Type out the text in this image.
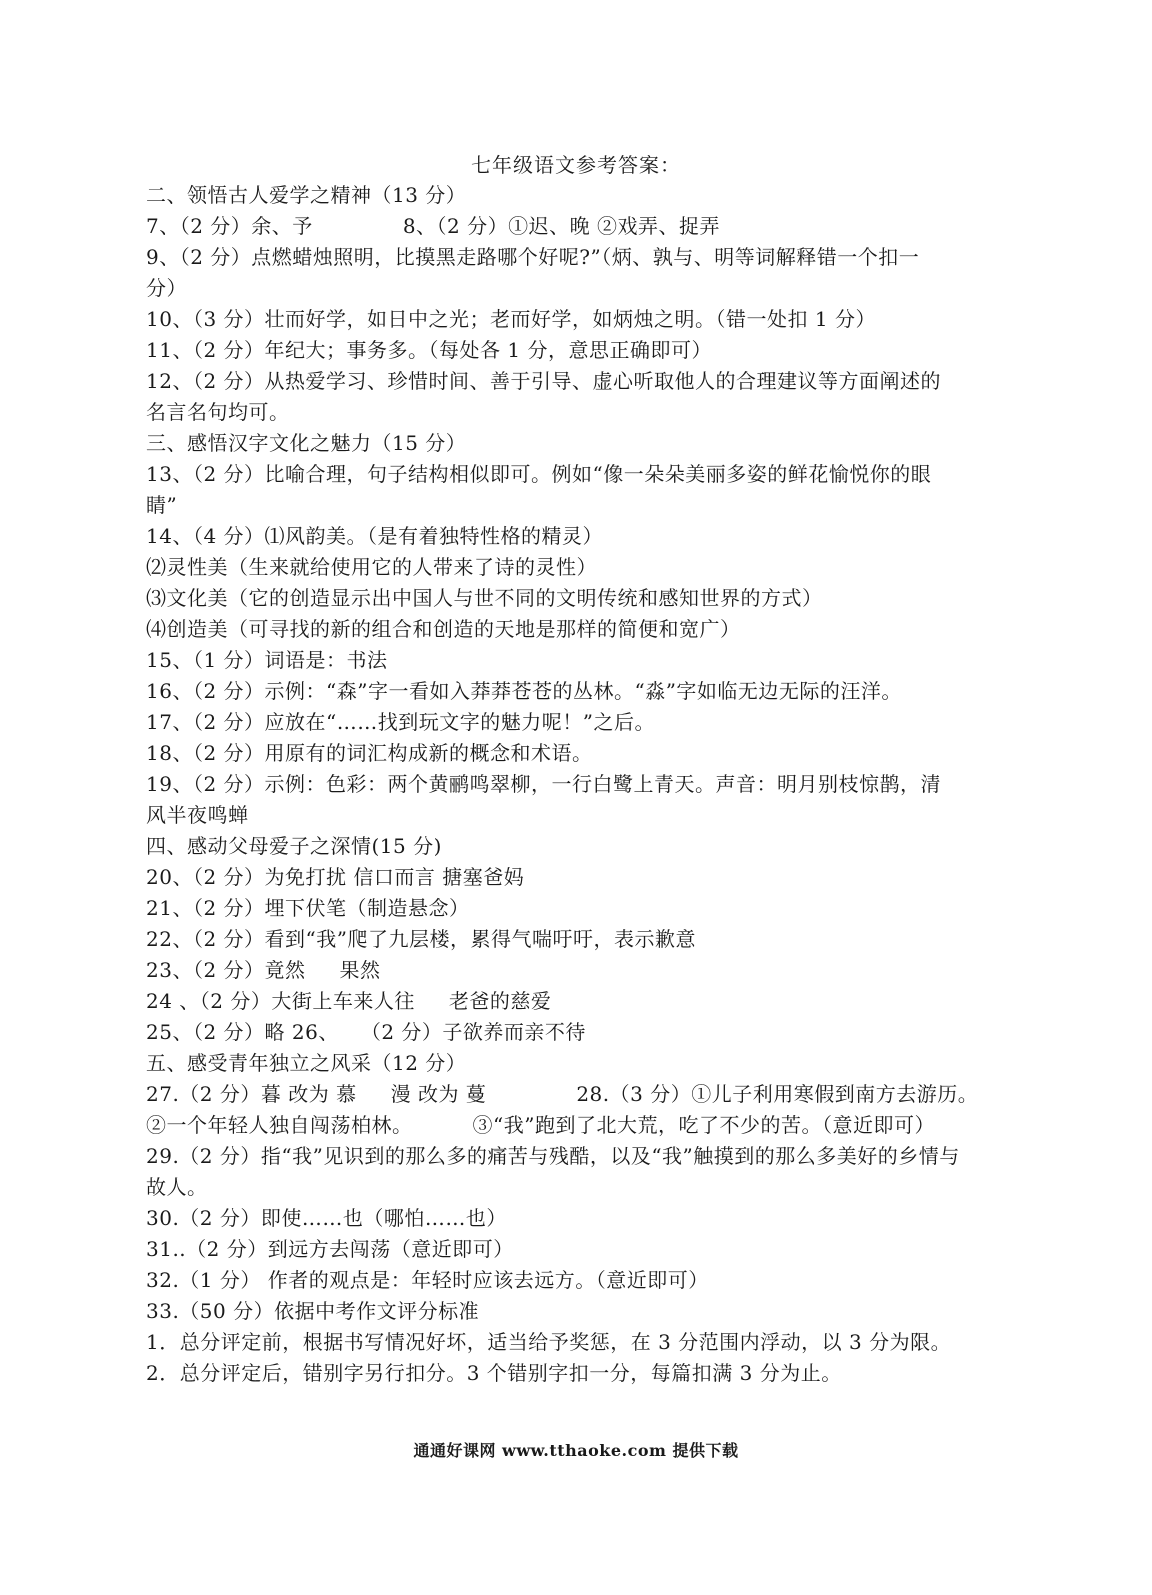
七年级语文参考答案：
二、领悟古人爱学之精神（13 分）
7、（2 分）余、予	8、（2 分）①迟、晚 ②戏弄、捉弄
9、（2 分）点燃蜡烛照明，比摸黑走路哪个好呢?”（炳、孰与、明等词解释错一个扣一
分）
10、（3 分）壮而好学，如日中之光；老而好学，如炳烛之明。（错一处扣 1 分）
11、（2 分）年纪大；事务多。（每处各 1 分，意思正确即可）
12、（2 分）从热爱学习、珍惜时间、善于引导、虚心听取他人的合理建议等方面阐述的
名言名句均可。
三、感悟汉字文化之魅力（15 分）
13、（2 分）比喻合理，句子结构相似即可。例如“像一朵朵美丽多姿的鲜花愉悦你的眼
睛”
14、（4 分）⑴风韵美。（是有着独特性格的精灵）
⑵灵性美（生来就给使用它的人带来了诗的灵性）
⑶文化美（它的创造显示出中国人与世不同的文明传统和感知世界的方式）
⑷创造美（可寻找的新的组合和创造的天地是那样的简便和宽广）
15、（1 分）词语是：书法
16、（2 分）示例：“森”字一看如入莽莽苍苍的丛林。“淼”字如临无边无际的汪洋。
17、（2 分）应放在“……找到玩文字的魅力呢！”之后。
18、（2 分）用原有的词汇构成新的概念和术语。
19、（2 分）示例：色彩：两个黄鹂鸣翠柳，一行白鹭上青天。声音：明月别枝惊鹊，清
风半夜鸣蝉
四、感动父母爱子之深情(15 分)
20、（2 分）为免打扰 信口而言 搪塞爸妈
21、（2 分）埋下伏笔（制造悬念）
22、（2 分）看到“我”爬了九层楼，累得气喘吁吁，表示歉意
23、（2 分）竟然 果然
24 、（2 分）大街上车来人往 老爸的慈爱
25、（2 分）略 26、 （2 分）子欲养而亲不待
五、感受青年独立之风采（12 分）
27.（2 分）暮 改为 慕 漫 改为 蔓	28.（3 分）①儿子利用寒假到南方去游历。
②一个年轻人独自闯荡柏林。	③“我”跑到了北大荒，吃了不少的苦。（意近即可）
29.（2 分）指“我”见识到的那么多的痛苦与残酷，以及“我”触摸到的那么多美好的乡情与
故人。
30.（2 分）即使……也（哪怕……也）
31..（2 分）到远方去闯荡（意近即可）
32.（1 分） 作者的观点是：年轻时应该去远方。（意近即可）
33.（50 分）依据中考作文评分标准
1．总分评定前，根据书写情况好坏，适当给予奖惩，在 3 分范围内浮动，以 3 分为限。
2．总分评定后，错别字另行扣分。3 个错别字扣一分，每篇扣满 3 分为止。
通通好课网 www.tthaoke.com 提供下载
